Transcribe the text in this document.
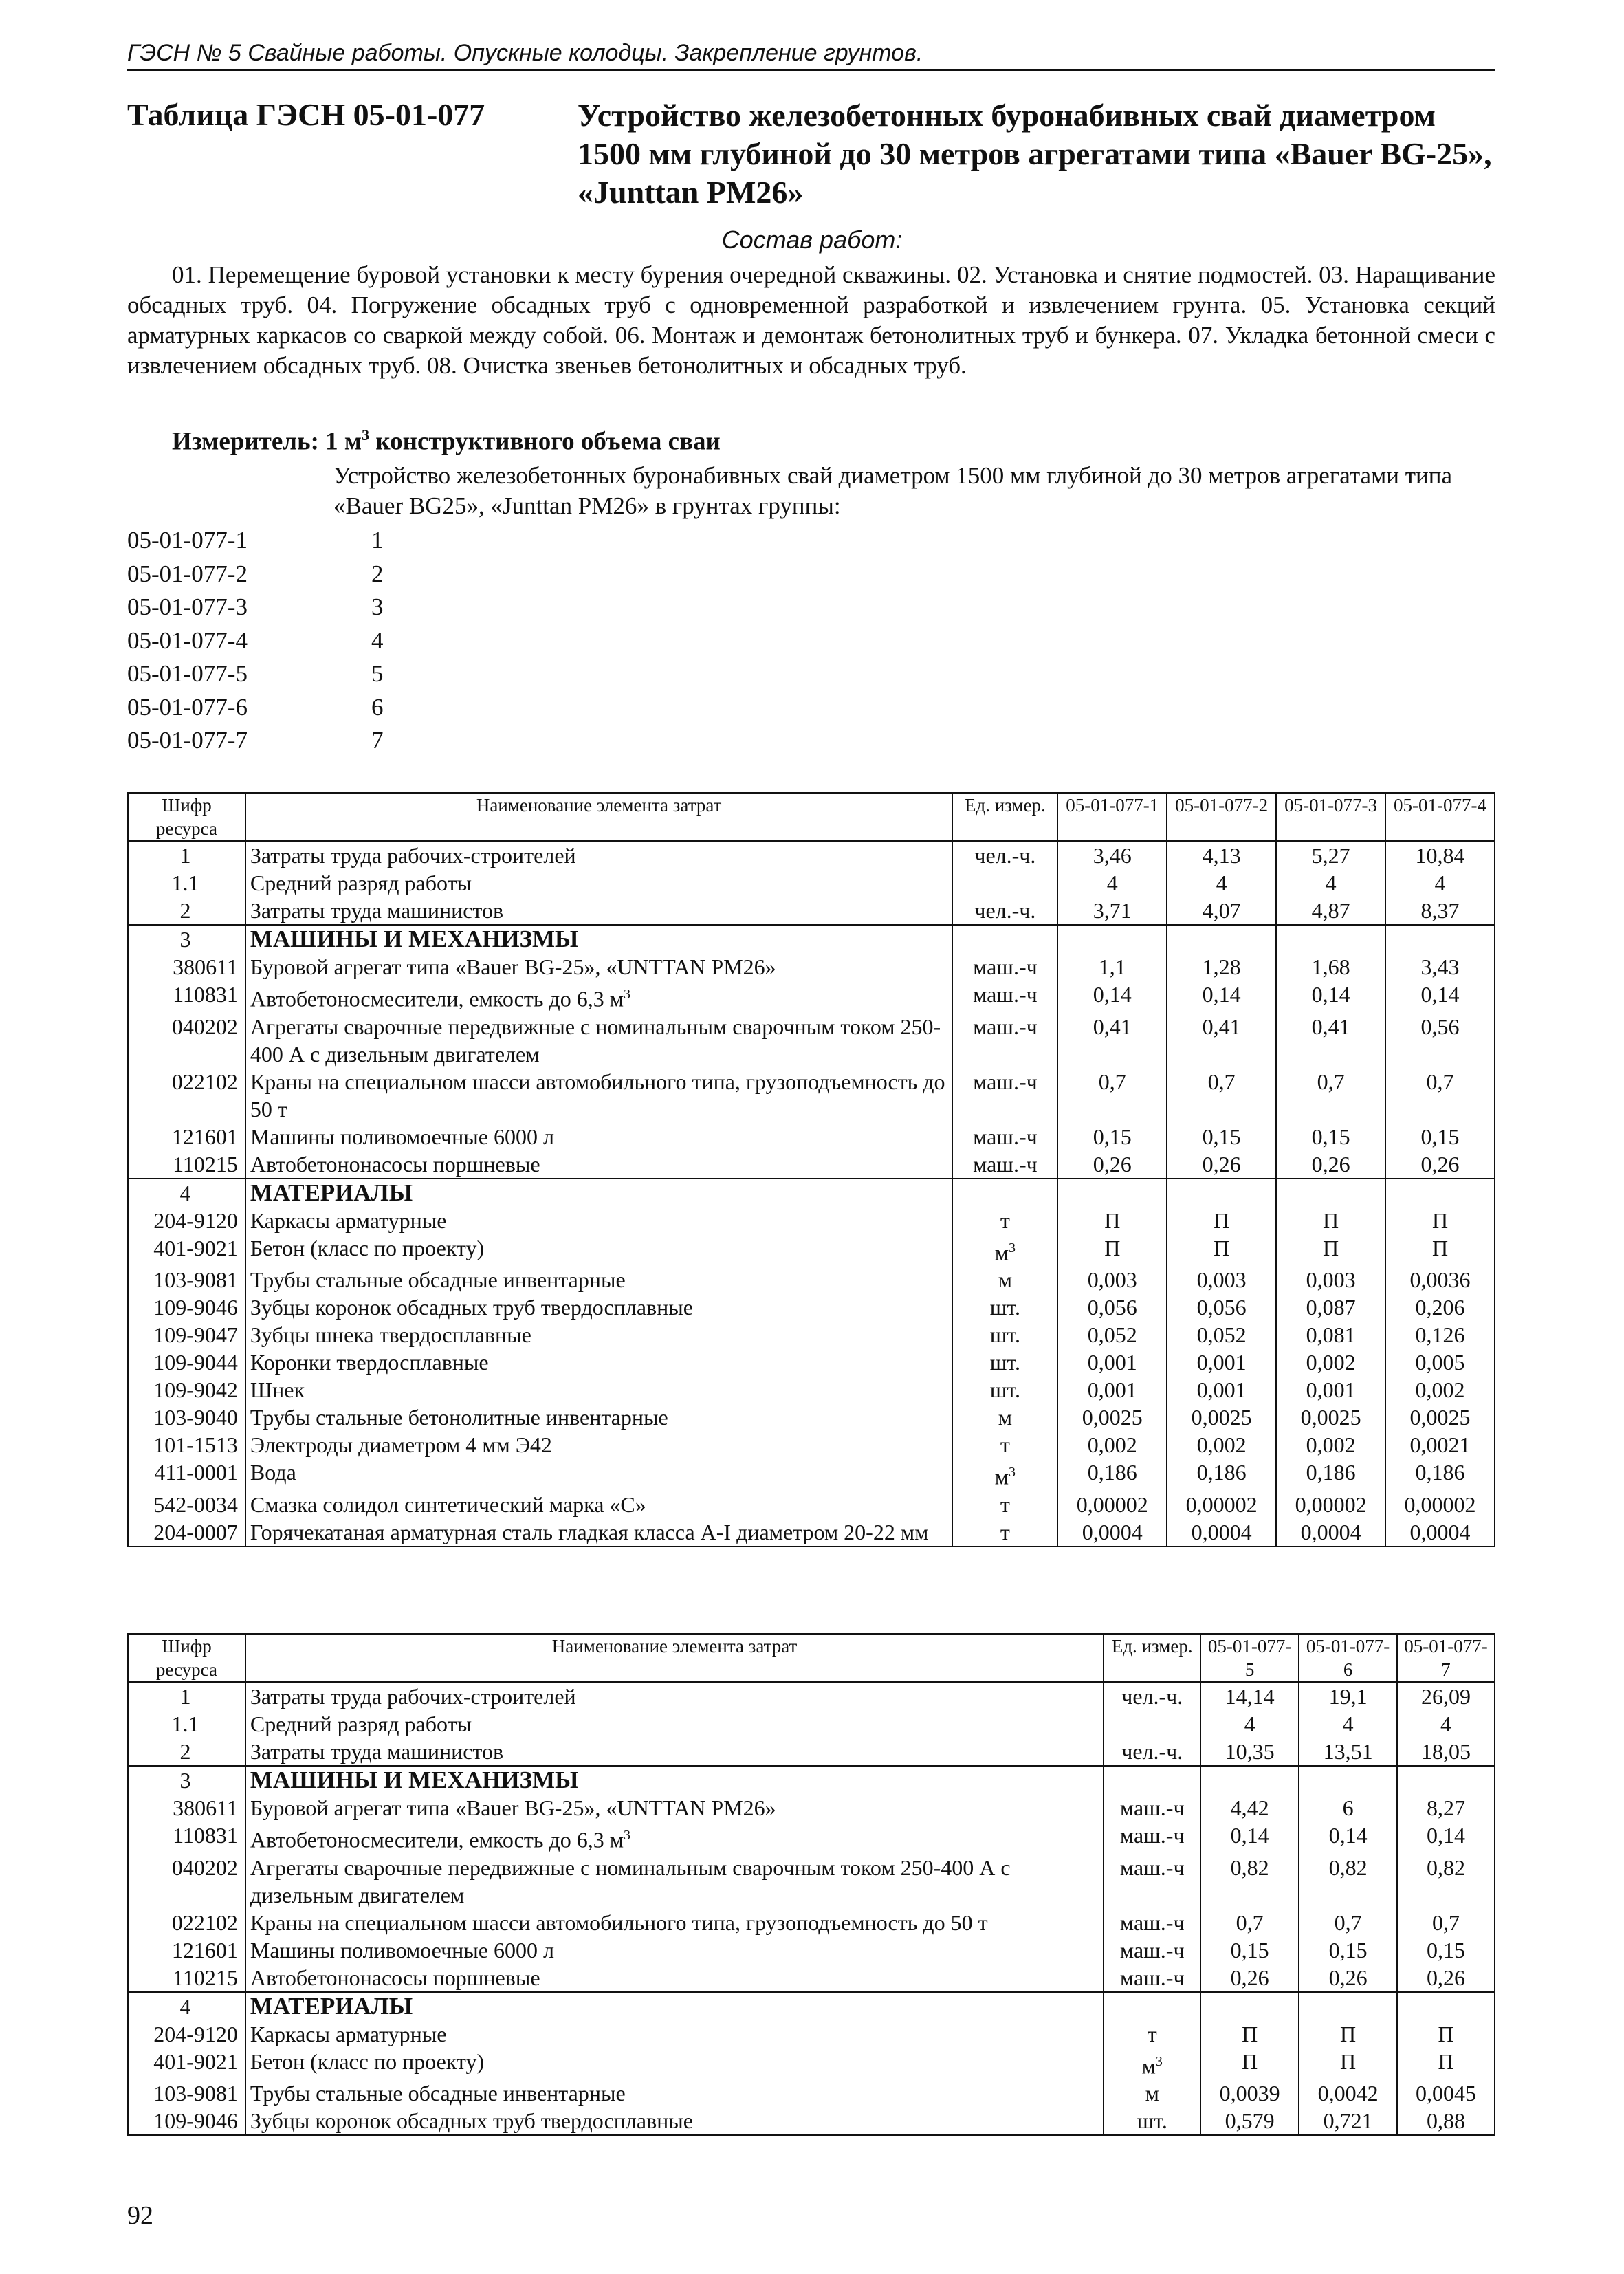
ГЭСН № 5 Свайные работы. Опускные колодцы. Закрепление грунтов.
Таблица ГЭСН 05-01-077	Устройство железобетонных буронабивных свай диаметром 1500 мм глубиной до 30 метров агрегатами типа «Bauer BG-25», «Junttan PM26»
Состав работ:
01. Перемещение буровой установки к месту бурения очередной скважины. 02. Установка и снятие подмостей. 03. Наращивание обсадных труб. 04. Погружение обсадных труб с одновременной разработкой и извлечением грунта. 05. Установка секций арматурных каркасов со сваркой между собой. 06. Монтаж и демонтаж бетонолитных труб и бункера. 07. Укладка бетонной смеси с извлечением обсадных труб. 08. Очистка звеньев бетонолитных и обсадных труб.
Измеритель: 1 $м^3$ конструктивного объема сваи
Устройство железобетонных буронабивных свай диаметром 1500 мм глубиной до 30 метров агрегатами типа «Bauer BG25», «Junttan PM26» в грунтах группы:
05-01-077-1	1
05-01-077-2	2
05-01-077-3	3
05-01-077-4	4
05-01-077-5	5
05-01-077-6	6
05-01-077-7	7
Шифр ресурса	Наименование элемента затрат	Ед. измер.	05-01-077-1	05-01-077-2	05-01-077-3	05-01-077-4
1	Затраты труда рабочих-строителей	чел.-ч.	3,46	4,13	5,27	10,84
1.1	Средний разряд работы		4	4	4	4
2	Затраты труда машинистов	чел.-ч.	3,71	4,07	4,87	8,37
3	МАШИНЫ И МЕХАНИЗМЫ					
380611	Буровой агрегат типа «Bauer BG-25», «UNTTAN PM26»	маш.-ч	1,1	1,28	1,68	3,43
110831	Автобетоносмесители, емкость до 6,3 $м^3$	маш.-ч	0,14	0,14	0,14	0,14
040202	Агрегаты сварочные передвижные с номинальным сварочным током 250-400 А с дизельным двигателем	маш.-ч	0,41	0,41	0,41	0,56
022102	Краны на специальном шасси автомобильного типа, грузоподъемность до 50 т	маш.-ч	0,7	0,7	0,7	0,7
121601	Машины поливомоечные 6000 л	маш.-ч	0,15	0,15	0,15	0,15
110215	Автобетононасосы поршневые	маш.-ч	0,26	0,26	0,26	0,26
4	МАТЕРИАЛЫ					
204-9120	Каркасы арматурные	т	П	П	П	П
401-9021	Бетон (класс по проекту)	$м^3$	П	П	П	П
103-9081	Трубы стальные обсадные инвентарные	м	0,003	0,003	0,003	0,0036
109-9046	Зубцы коронок обсадных труб твердосплавные	шт.	0,056	0,056	0,087	0,206
109-9047	Зубцы шнека твердосплавные	шт.	0,052	0,052	0,081	0,126
109-9044	Коронки твердосплавные	шт.	0,001	0,001	0,002	0,005
109-9042	Шнек	шт.	0,001	0,001	0,001	0,002
103-9040	Трубы стальные бетонолитные инвентарные	м	0,0025	0,0025	0,0025	0,0025
101-1513	Электроды диаметром 4 мм Э42	т	0,002	0,002	0,002	0,0021
411-0001	Вода	$м^3$	0,186	0,186	0,186	0,186
542-0034	Смазка солидол синтетический марка «С»	т	0,00002	0,00002	0,00002	0,00002
204-0007	Горячекатаная арматурная сталь гладкая класса А-I диаметром 20-22 мм	т	0,0004	0,0004	0,0004	0,0004
Шифр ресурса	Наименование элемента затрат	Ед. измер.	05-01-077-5	05-01-077-6	05-01-077-7
1	Затраты труда рабочих-строителей	чел.-ч.	14,14	19,1	26,09
1.1	Средний разряд работы		4	4	4
2	Затраты труда машинистов	чел.-ч.	10,35	13,51	18,05
3	МАШИНЫ И МЕХАНИЗМЫ				
380611	Буровой агрегат типа «Bauer BG-25», «UNTTAN PM26»	маш.-ч	4,42	6	8,27
110831	Автобетоносмесители, емкость до 6,3 $м^3$	маш.-ч	0,14	0,14	0,14
040202	Агрегаты сварочные передвижные с номинальным сварочным током 250-400 А с дизельным двигателем	маш.-ч	0,82	0,82	0,82
022102	Краны на специальном шасси автомобильного типа, грузоподъемность до 50 т	маш.-ч	0,7	0,7	0,7
121601	Машины поливомоечные 6000 л	маш.-ч	0,15	0,15	0,15
110215	Автобетононасосы поршневые	маш.-ч	0,26	0,26	0,26
4	МАТЕРИАЛЫ				
204-9120	Каркасы арматурные	т	П	П	П
401-9021	Бетон (класс по проекту)	$м^3$	П	П	П
103-9081	Трубы стальные обсадные инвентарные	м	0,0039	0,0042	0,0045
109-9046	Зубцы коронок обсадных труб твердосплавные	шт.	0,579	0,721	0,88
92
